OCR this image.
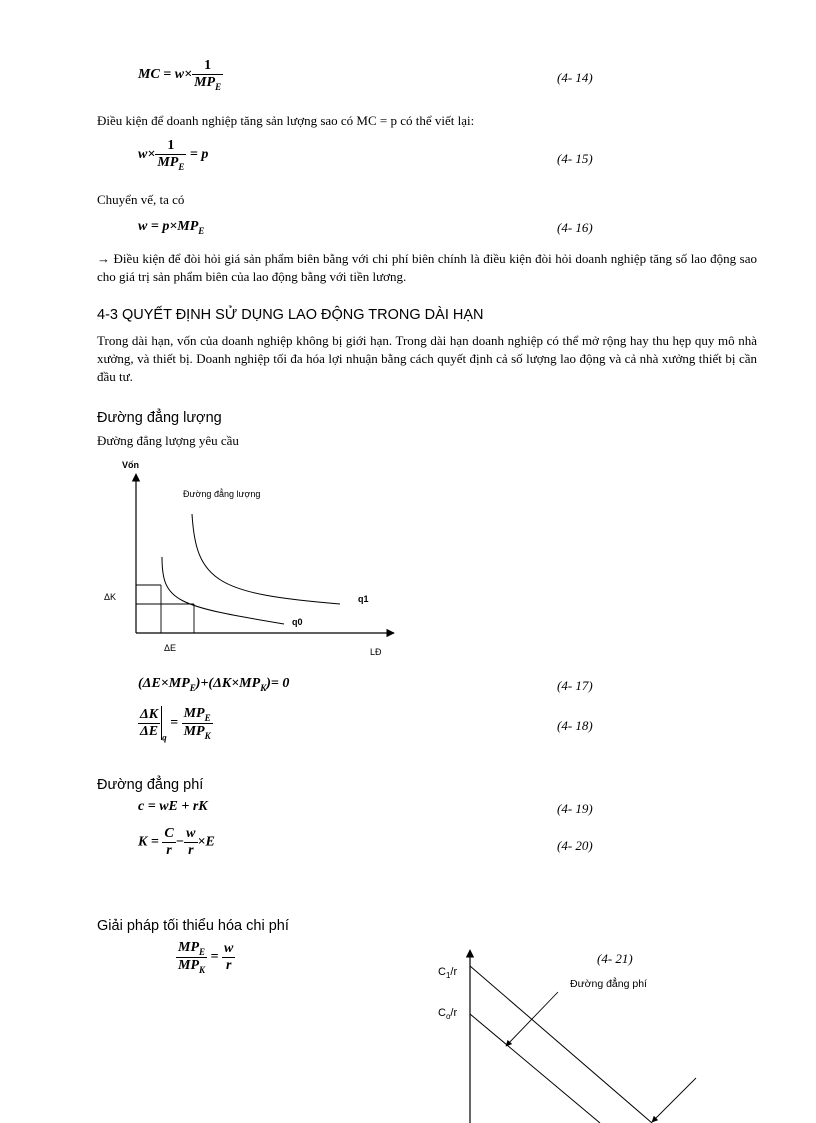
MC = $w\times \frac{1}{MP_E}$	(4- 14)
Điều kiện để doanh nghiệp tăng sản lượng sao có MC = p có thể viết lại:
$w\times \frac{1}{MP_E} = p$	(4- 15)
Chuyển vế, ta có
$w = p\times MP_E$	(4- 16)
→ Điều kiện để đòi hỏi giá sản phẩm biên bằng với chi phí biên chính là điều kiện đòi hỏi doanh nghiệp tăng số lao động sao cho giá trị sản phẩm biên của lao động bằng với tiền lương.
4-3 QUYẾT ĐỊNH SỬ DỤNG LAO ĐỘNG TRONG DÀI HẠN
Trong dài hạn, vốn của doanh nghiệp không bị giới hạn. Trong dài hạn doanh nghiệp có thể mở rộng hay thu hẹp quy mô nhà xưởng, và thiết bị. Doanh nghiệp tối đa hóa lợi nhuận bằng cách quyết định cả số lượng lao động và cả nhà xưởng thiết bị cần đầu tư.
Đường đẳng lượng
Đường đẳng lượng yêu cầu
Vốn
LĐ
Đường đẳng lượng
ΔK
ΔE
q1
q0
$(\Delta E\times MP_E)+(\Delta K\times MP_K)= 0$	(4- 17)
$\frac{\Delta K}{\Delta E} _q = \frac{MP_E}{MP_K}$	(4- 18)
Đường đẳng phí
c = wE + rK	(4- 19)
$K = \frac{C}{r} - \frac{w}{r} \times E$	(4- 20)
Giải pháp tối thiểu hóa chi phí
$\frac{MP_E}{MP_K} = \frac{w}{r}$	(4- 21)
$C_1/r$
$C_o/r$
Đường đẳng phí
